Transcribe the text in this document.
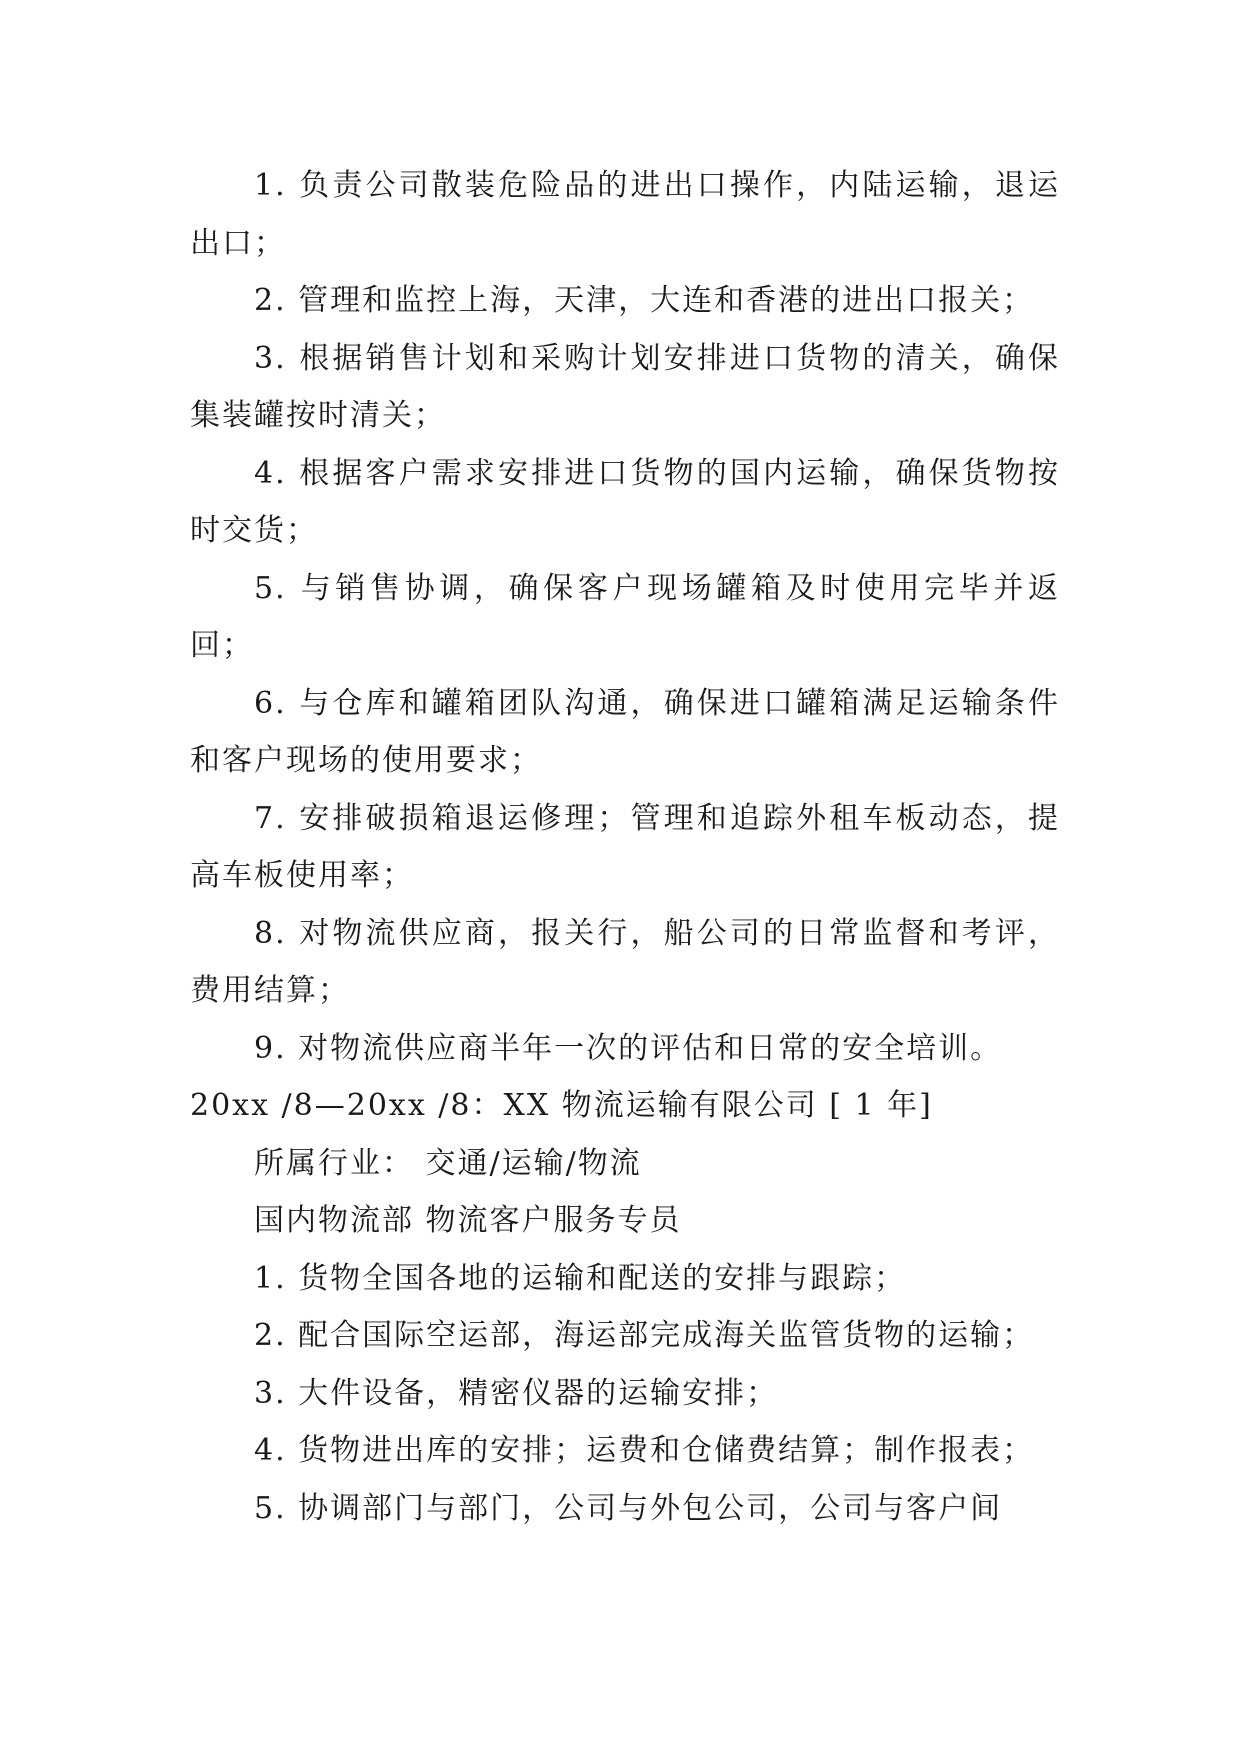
1. 负责公司散装危险品的进出口操作，内陆运输，退运出口；

2. 管理和监控上海，天津，大连和香港的进出口报关；

3. 根据销售计划和采购计划安排进口货物的清关，确保集装罐按时清关；

4. 根据客户需求安排进口货物的国内运输，确保货物按时交货；

5. 与销售协调，确保客户现场罐箱及时使用完毕并返回；

6. 与仓库和罐箱团队沟通，确保进口罐箱满足运输条件和客户现场的使用要求；

7. 安排破损箱退运修理；管理和追踪外租车板动态，提高车板使用率；

8. 对物流供应商，报关行，船公司的日常监督和考评，费用结算；

9. 对物流供应商半年一次的评估和日常的安全培训。

20xx /8—20xx /8：XX 物流运输有限公司 [ 1 年]

所属行业： 交通/运输/物流

国内物流部 物流客户服务专员

1. 货物全国各地的运输和配送的安排与跟踪；

2. 配合国际空运部，海运部完成海关监管货物的运输；

3. 大件设备，精密仪器的运输安排；

4. 货物进出库的安排；运费和仓储费结算；制作报表；

5. 协调部门与部门，公司与外包公司，公司与客户间
